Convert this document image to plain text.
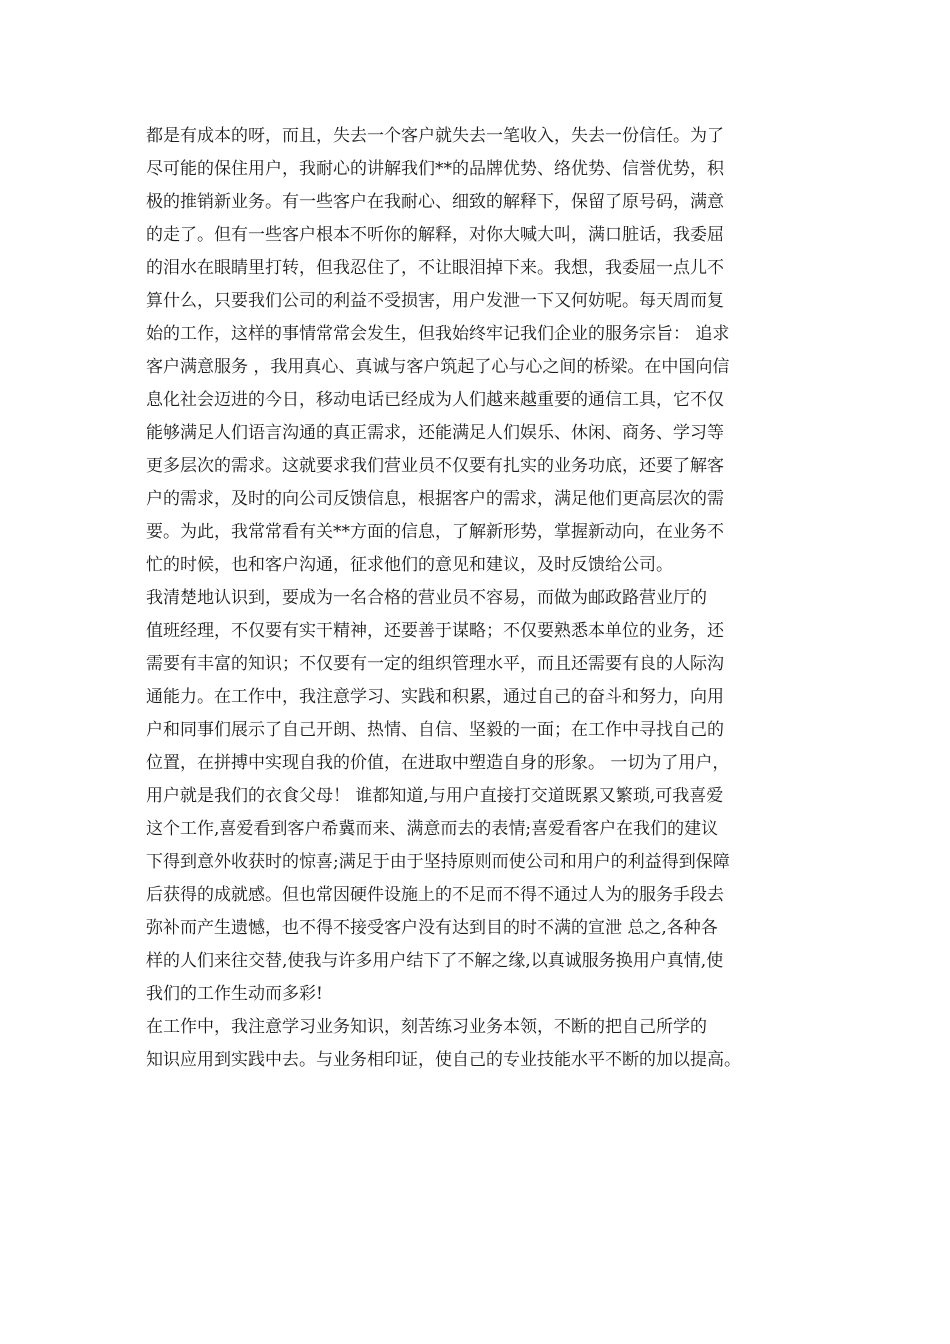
都是有成本的呀，而且，失去一个客户就失去一笔收入，失去一份信任。为了
尽可能的保住用户，我耐心的讲解我们**的品牌优势、络优势、信誉优势，积
极的推销新业务。有一些客户在我耐心、细致的解释下，保留了原号码，满意
的走了。但有一些客户根本不听你的解释，对你大喊大叫，满口脏话，我委屈
的泪水在眼睛里打转，但我忍住了，不让眼泪掉下来。我想，我委屈一点儿不
算什么，只要我们公司的利益不受损害，用户发泄一下又何妨呢。每天周而复
始的工作，这样的事情常常会发生，但我始终牢记我们企业的服务宗旨： 追求
客户满意服务 ，我用真心、真诚与客户筑起了心与心之间的桥梁。在中国向信
息化社会迈进的今日，移动电话已经成为人们越来越重要的通信工具，它不仅
能够满足人们语言沟通的真正需求，还能满足人们娱乐、休闲、商务、学习等
更多层次的需求。这就要求我们营业员不仅要有扎实的业务功底，还要了解客
户的需求，及时的向公司反馈信息，根据客户的需求，满足他们更高层次的需
要。为此，我常常看有关**方面的信息，了解新形势，掌握新动向，在业务不
忙的时候，也和客户沟通，征求他们的意见和建议，及时反馈给公司。
我清楚地认识到，要成为一名合格的营业员不容易，而做为邮政路营业厅的
值班经理，不仅要有实干精神，还要善于谋略；不仅要熟悉本单位的业务，还
需要有丰富的知识；不仅要有一定的组织管理水平，而且还需要有良的人际沟
通能力。在工作中，我注意学习、实践和积累，通过自己的奋斗和努力，向用
户和同事们展示了自己开朗、热情、自信、坚毅的一面；在工作中寻找自己的
位置，在拼搏中实现自我的价值，在进取中塑造自身的形象。 一切为了用户，
用户就是我们的衣食父母！ 谁都知道,与用户直接打交道既累又繁琐,可我喜爱
这个工作,喜爱看到客户希冀而来、满意而去的表情;喜爱看客户在我们的建议
下得到意外收获时的惊喜;满足于由于坚持原则而使公司和用户的利益得到保障
后获得的成就感。但也常因硬件设施上的不足而不得不通过人为的服务手段去
弥补而产生遗憾，也不得不接受客户没有达到目的时不满的宣泄 总之,各种各
样的人们来往交替,使我与许多用户结下了不解之缘,以真诚服务换用户真情,使
我们的工作生动而多彩!
在工作中，我注意学习业务知识，刻苦练习业务本领，不断的把自己所学的
知识应用到实践中去。与业务相印证，使自己的专业技能水平不断的加以提高。
